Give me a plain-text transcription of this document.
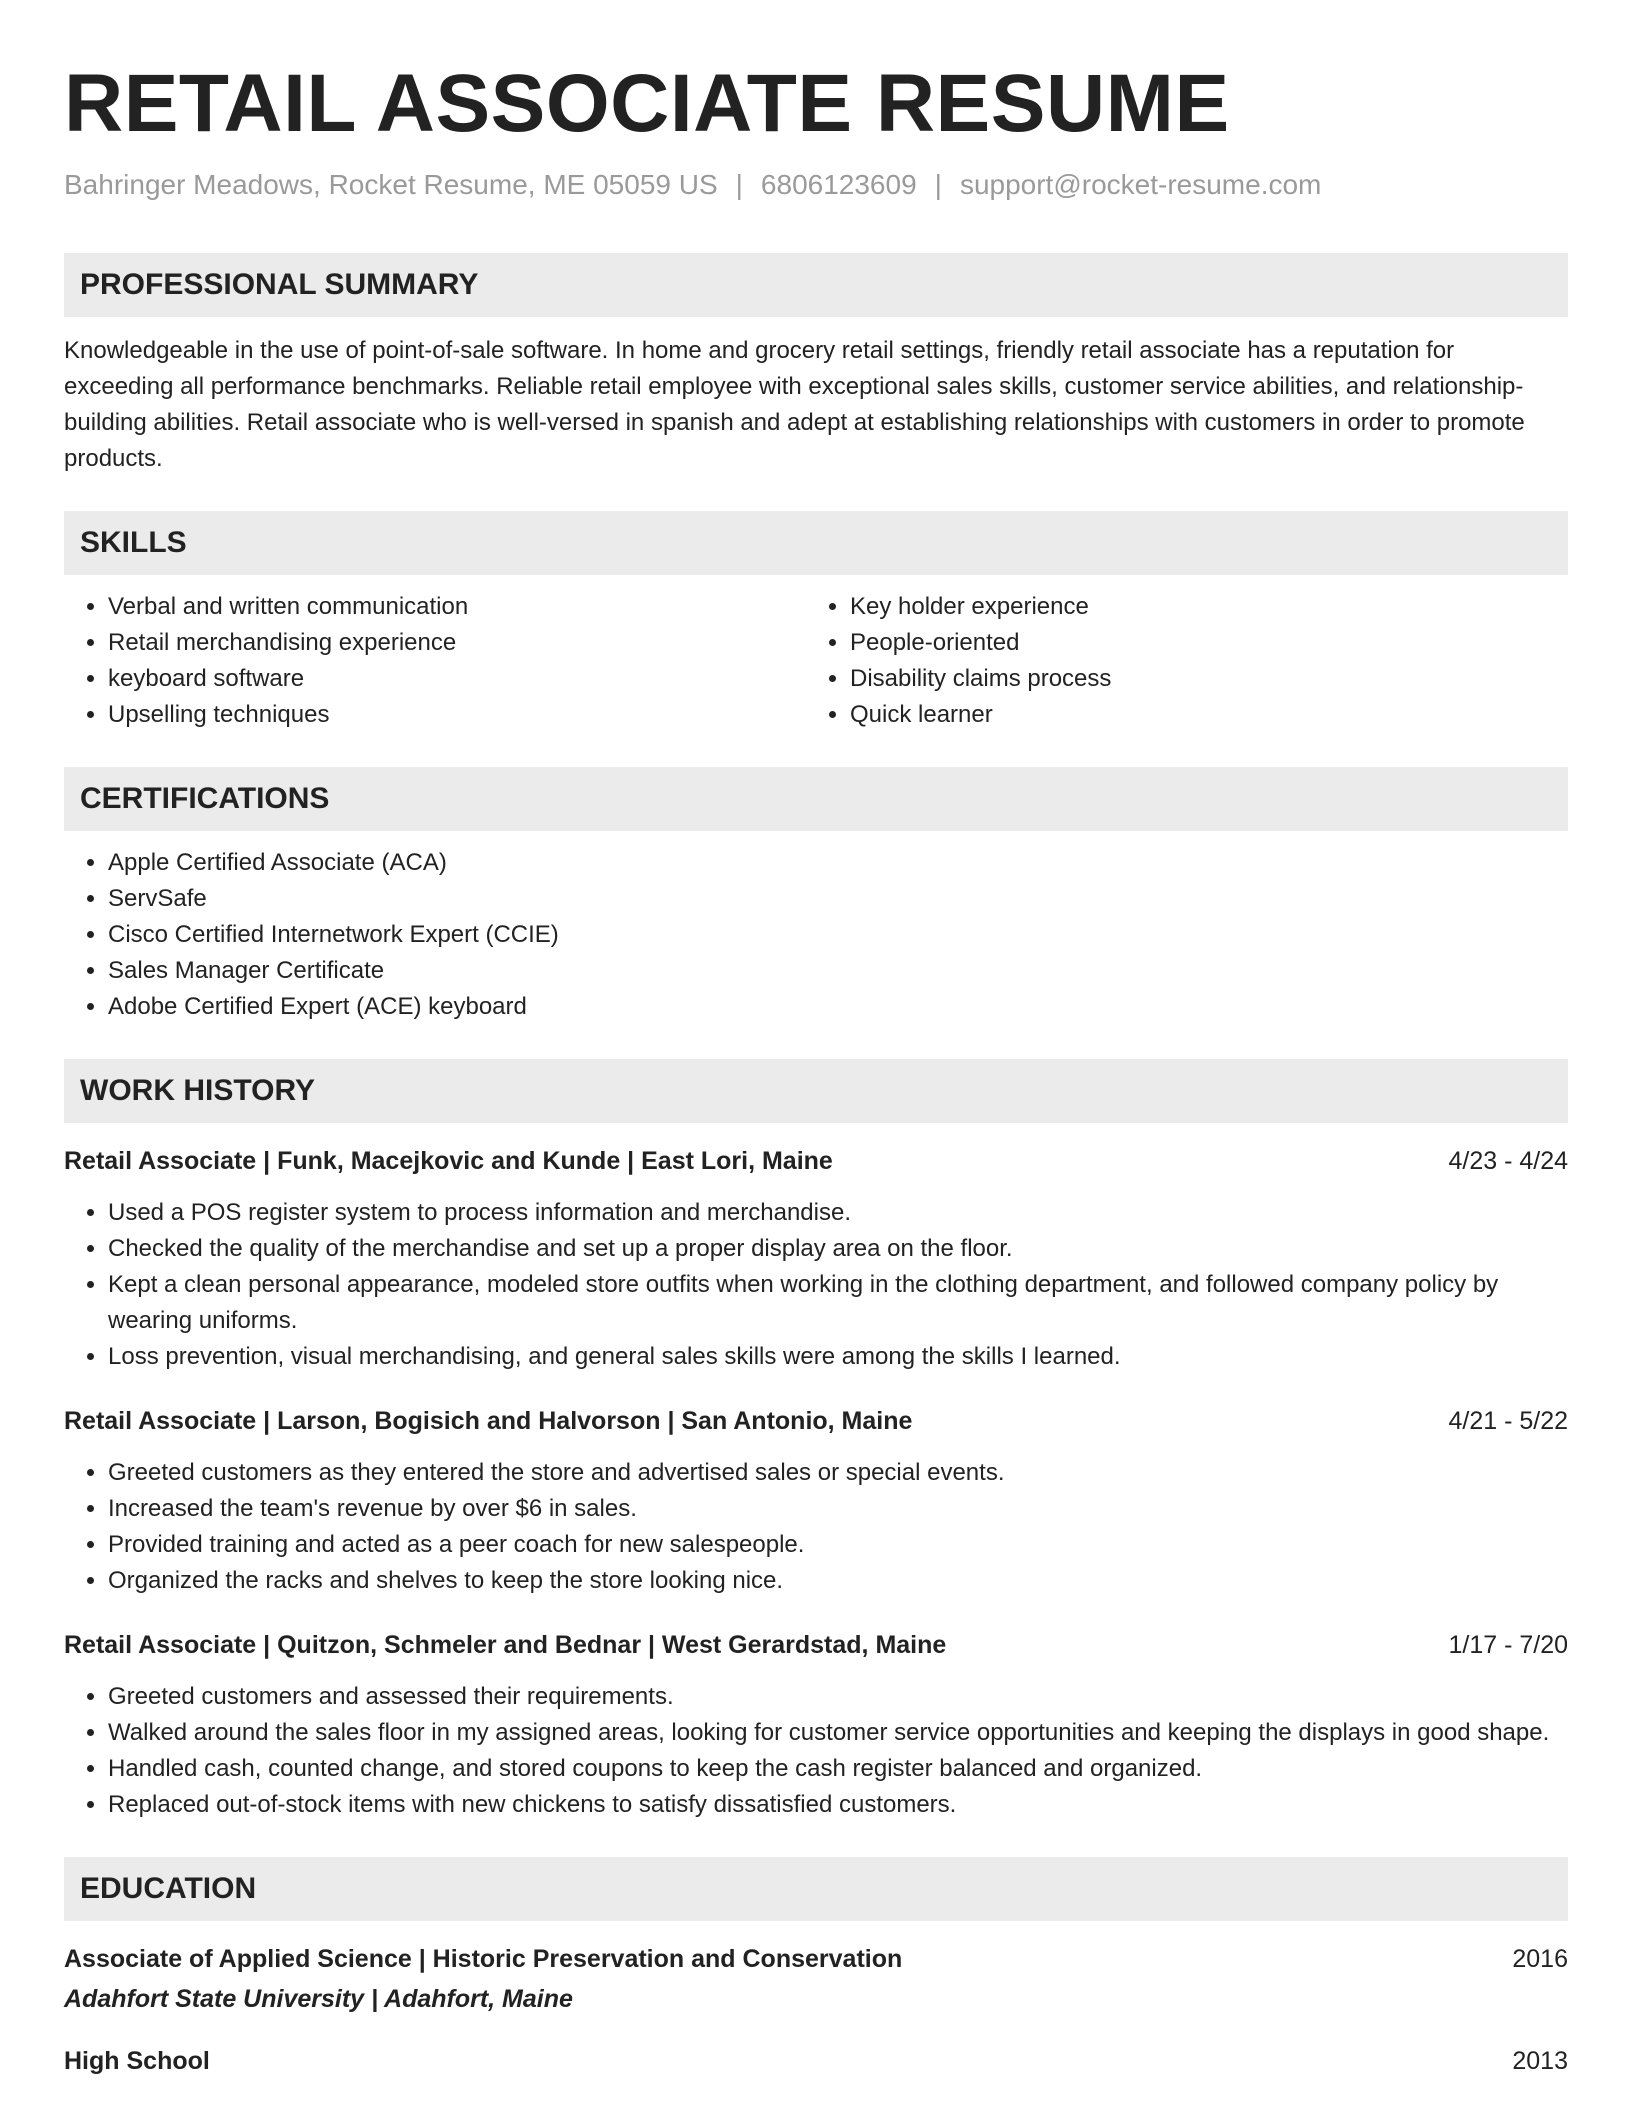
RETAIL ASSOCIATE RESUME
Bahringer Meadows, Rocket Resume, ME 05059 US | 6806123609 | support@rocket-resume.com
PROFESSIONAL SUMMARY
Knowledgeable in the use of point-of-sale software. In home and grocery retail settings, friendly retail associate has a reputation for exceeding all performance benchmarks. Reliable retail employee with exceptional sales skills, customer service abilities, and relationship-building abilities. Retail associate who is well-versed in spanish and adept at establishing relationships with customers in order to promote products.
SKILLS
• Verbal and written communication
• Retail merchandising experience
• keyboard software
• Upselling techniques
• Key holder experience
• People-oriented
• Disability claims process
• Quick learner
CERTIFICATIONS
• Apple Certified Associate (ACA)
• ServSafe
• Cisco Certified Internetwork Expert (CCIE)
• Sales Manager Certificate
• Adobe Certified Expert (ACE) keyboard
WORK HISTORY
Retail Associate | Funk, Macejkovic and Kunde | East Lori, Maine	4/23 - 4/24
• Used a POS register system to process information and merchandise.
• Checked the quality of the merchandise and set up a proper display area on the floor.
• Kept a clean personal appearance, modeled store outfits when working in the clothing department, and followed company policy by wearing uniforms.
• Loss prevention, visual merchandising, and general sales skills were among the skills I learned.
Retail Associate | Larson, Bogisich and Halvorson | San Antonio, Maine	4/21 - 5/22
• Greeted customers as they entered the store and advertised sales or special events.
• Increased the team's revenue by over $6 in sales.
• Provided training and acted as a peer coach for new salespeople.
• Organized the racks and shelves to keep the store looking nice.
Retail Associate | Quitzon, Schmeler and Bednar | West Gerardstad, Maine	1/17 - 7/20
• Greeted customers and assessed their requirements.
• Walked around the sales floor in my assigned areas, looking for customer service opportunities and keeping the displays in good shape.
• Handled cash, counted change, and stored coupons to keep the cash register balanced and organized.
• Replaced out-of-stock items with new chickens to satisfy dissatisfied customers.
EDUCATION
Associate of Applied Science | Historic Preservation and Conservation	2016
Adahfort State University | Adahfort, Maine
High School	2013
